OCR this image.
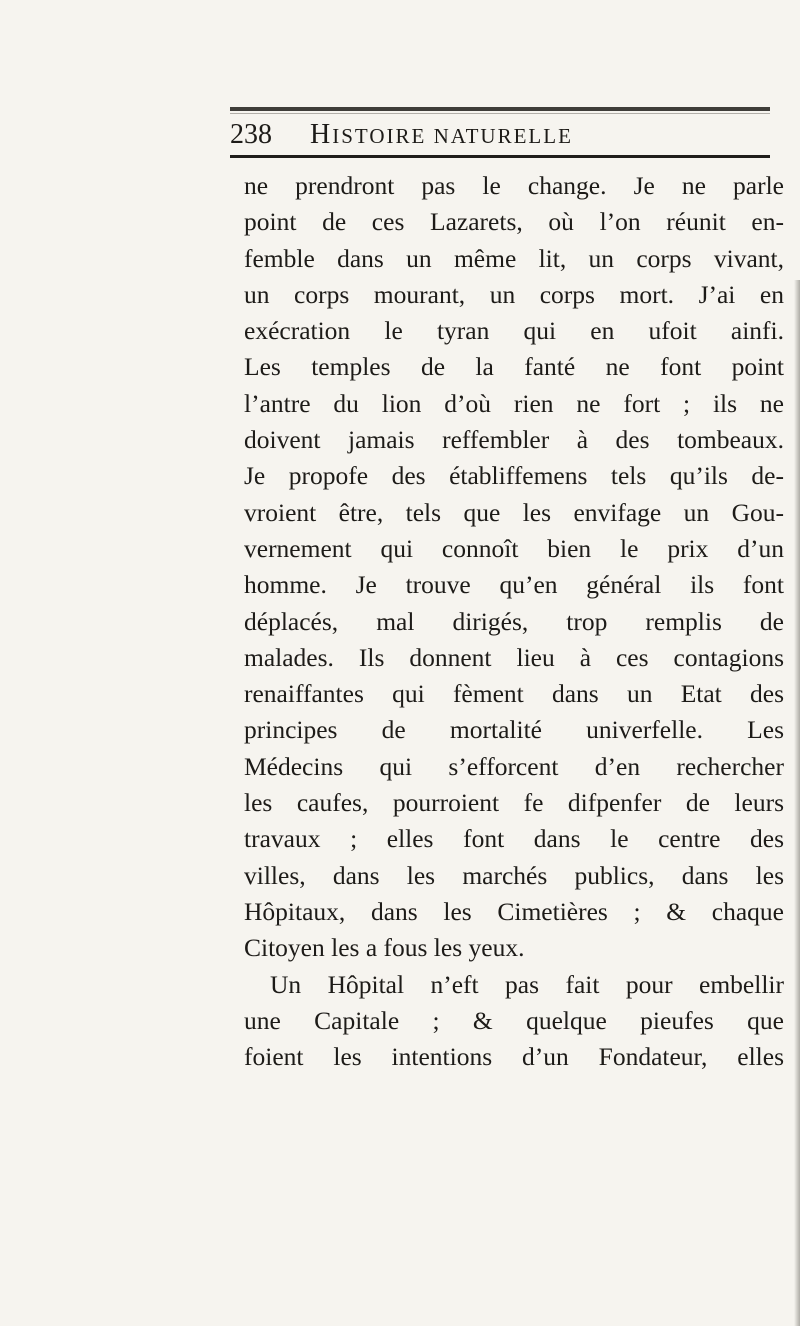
238 HISTOIRE NATURELLE
ne prendront pas le change. Je ne parle
point de ces Lazarets, où l’on réunit en-
femble dans un même lit, un corps vivant,
un corps mourant, un corps mort. J’ai en
exécration le tyran qui en ufoit ainfi.
Les temples de la fanté ne font point
l’antre du lion d’où rien ne fort ; ils ne
doivent jamais reffembler à des tombeaux.
Je propofe des établiffemens tels qu’ils de-
vroient être, tels que les envifage un Gou-
vernement qui connoît bien le prix d’un
homme. Je trouve qu’en général ils font
déplacés, mal dirigés, trop remplis de
malades. Ils donnent lieu à ces contagions
renaiffantes qui fèment dans un Etat des
principes de mortalité univerfelle. Les
Médecins qui s’efforcent d’en rechercher
les caufes, pourroient fe difpenfer de leurs
travaux ; elles font dans le centre des
villes, dans les marchés publics, dans les
Hôpitaux, dans les Cimetières ; & chaque
Citoyen les a fous les yeux.
Un Hôpital n’eft pas fait pour embellir
une Capitale ; & quelque pieufes que
foient les intentions d’un Fondateur, elles
